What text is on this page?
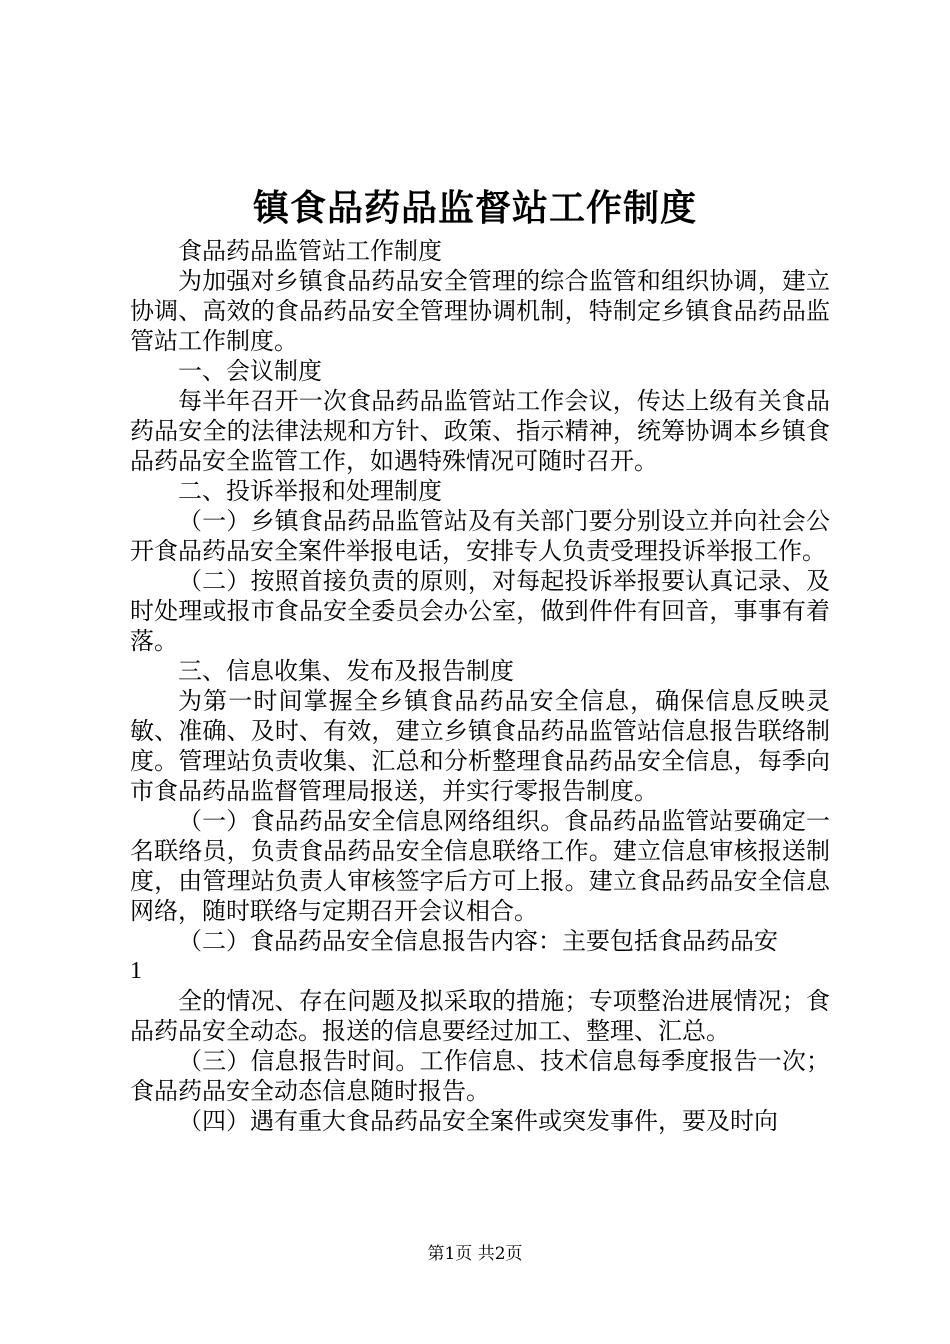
镇食品药品监督站工作制度

食品药品监管站工作制度

为加强对乡镇食品药品安全管理的综合监管和组织协调，建立协调、高效的食品药品安全管理协调机制，特制定乡镇食品药品监管站工作制度。

一、会议制度

每半年召开一次食品药品监管站工作会议，传达上级有关食品药品安全的法律法规和方针、政策、指示精神，统筹协调本乡镇食品药品安全监管工作，如遇特殊情况可随时召开。

二、投诉举报和处理制度

（一）乡镇食品药品监管站及有关部门要分别设立并向社会公开食品药品安全案件举报电话，安排专人负责受理投诉举报工作。

（二）按照首接负责的原则，对每起投诉举报要认真记录、及时处理或报市食品安全委员会办公室，做到件件有回音，事事有着落。

三、信息收集、发布及报告制度

为第一时间掌握全乡镇食品药品安全信息，确保信息反映灵敏、准确、及时、有效，建立乡镇食品药品监管站信息报告联络制度。管理站负责收集、汇总和分析整理食品药品安全信息，每季向市食品药品监督管理局报送，并实行零报告制度。

（一）食品药品安全信息网络组织。食品药品监管站要确定一名联络员，负责食品药品安全信息联络工作。建立信息审核报送制度，由管理站负责人审核签字后方可上报。建立食品药品安全信息网络，随时联络与定期召开会议相合。

（二）食品药品安全信息报告内容：主要包括食品药品安

1

全的情况、存在问题及拟采取的措施；专项整治进展情况；食品药品安全动态。报送的信息要经过加工、整理、汇总。

（三）信息报告时间。工作信息、技术信息每季度报告一次；食品药品安全动态信息随时报告。

（四）遇有重大食品药品安全案件或突发事件，要及时向

第1页 共2页
